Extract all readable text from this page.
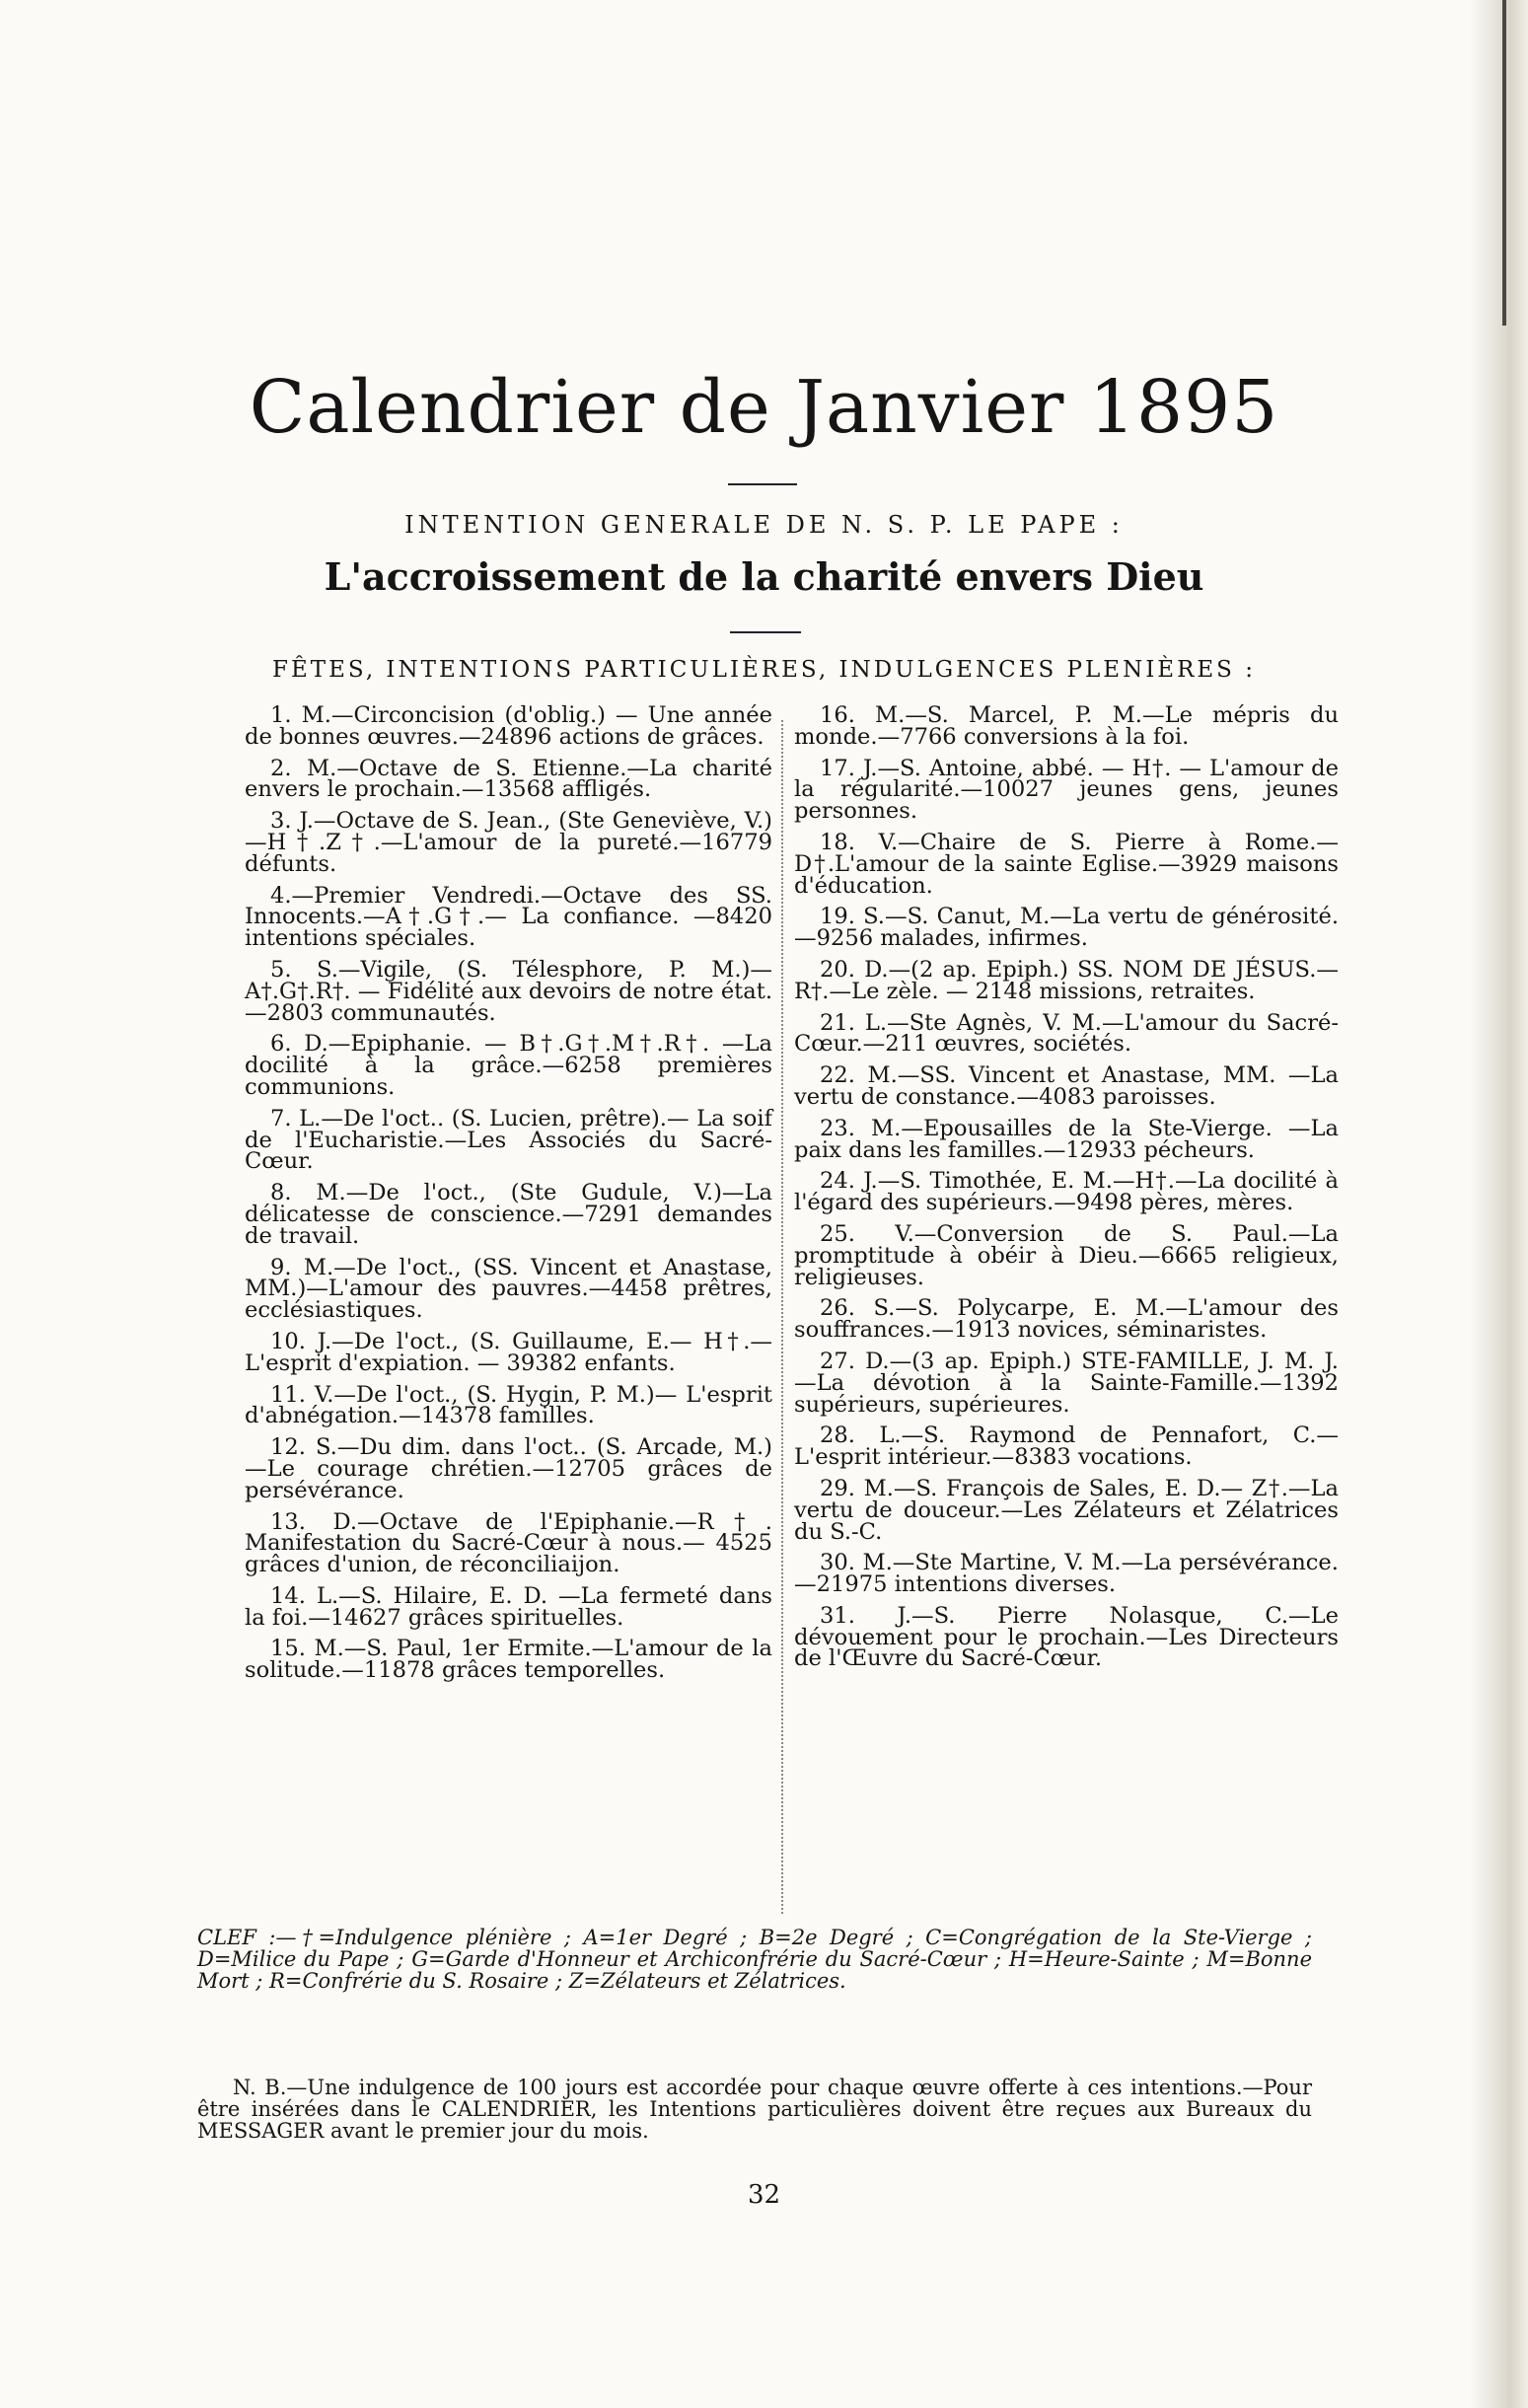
Calendrier de Janvier 1895
INTENTION GENERALE DE N. S. P. LE PAPE :
L'accroissement de la charité envers Dieu
FÊTES, INTENTIONS PARTICULIÈRES, INDULGENCES PLENIÈRES :

1. M.—Circoncision (d'oblig.) — Une année de bonnes œuvres.—24896 actions de grâces.

2. M.—Octave de S. Etienne.—La charité envers le prochain.—13568 affligés.

3. J.—Octave de S. Jean., (Ste Geneviève, V.)—H†.Z†.—L'amour de la pureté.—16779 défunts.

4.—Premier Vendredi.—Octave des SS. Innocents.—A†.G†.— La confiance. —8420 intentions spéciales.

5. S.—Vigile, (S. Télesphore, P. M.)— A†.G†.R†. — Fidélité aux devoirs de notre état.—2803 communautés.

6. D.—Epiphanie. — B†.G†.M†.R†. —La docilité à la grâce.—6258 premières communions.

7. L.—De l'oct.. (S. Lucien, prêtre).— La soif de l'Eucharistie.—Les Associés du Sacré-Cœur.

8. M.—De l'oct., (Ste Gudule, V.)—La délicatesse de conscience.—7291 demandes de travail.

9. M.—De l'oct., (SS. Vincent et Anastase, MM.)—L'amour des pauvres.—4458 prêtres, ecclésiastiques.

10. J.—De l'oct., (S. Guillaume, E.— H†.—L'esprit d'expiation. — 39382 enfants.

11. V.—De l'oct., (S. Hygin, P. M.)— L'esprit d'abnégation.—14378 familles.

12. S.—Du dim. dans l'oct.. (S. Arcade, M.)—Le courage chrétien.—12705 grâces de persévérance.

13. D.—Octave de l'Epiphanie.—R†. Manifestation du Sacré-Cœur à nous.— 4525 grâces d'union, de réconciliaijon.

14. L.—S. Hilaire, E. D. —La fermeté dans la foi.—14627 grâces spirituelles.

15. M.—S. Paul, 1er Ermite.—L'amour de la solitude.—11878 grâces temporelles.

16. M.—S. Marcel, P. M.—Le mépris du monde.—7766 conversions à la foi.

17. J.—S. Antoine, abbé. — H†. — L'amour de la régularité.—10027 jeunes gens, jeunes personnes.

18. V.—Chaire de S. Pierre à Rome.— D†.L'amour de la sainte Eglise.—3929 maisons d'éducation.

19. S.—S. Canut, M.—La vertu de générosité.—9256 malades, infirmes.

20. D.—(2 ap. Epiph.) SS. NOM DE JÉSUS.—R†.—Le zèle. — 2148 missions, retraites.

21. L.—Ste Agnès, V. M.—L'amour du Sacré-Cœur.—211 œuvres, sociétés.

22. M.—SS. Vincent et Anastase, MM. —La vertu de constance.—4083 paroisses.

23. M.—Epousailles de la Ste-Vierge. —La paix dans les familles.—12933 pécheurs.

24. J.—S. Timothée, E. M.—H†.—La docilité à l'égard des supérieurs.—9498 pères, mères.

25. V.—Conversion de S. Paul.—La promptitude à obéir à Dieu.—6665 religieux, religieuses.

26. S.—S. Polycarpe, E. M.—L'amour des souffrances.—1913 novices, séminaristes.

27. D.—(3 ap. Epiph.) STE-FAMILLE, J. M. J.—La dévotion à la Sainte-Famille.—1392 supérieurs, supérieures.

28. L.—S. Raymond de Pennafort, C.— L'esprit intérieur.—8383 vocations.

29. M.—S. François de Sales, E. D.— Z†.—La vertu de douceur.—Les Zélateurs et Zélatrices du S.-C.

30. M.—Ste Martine, V. M.—La persévérance.—21975 intentions diverses.

31. J.—S. Pierre Nolasque, C.—Le dévouement pour le prochain.—Les Directeurs de l'Œuvre du Sacré-Cœur.

CLEF :—†=Indulgence plénière ; A=1er Degré ; B=2e Degré ; C=Congrégation de la Ste-Vierge ; D=Milice du Pape ; G=Garde d'Honneur et Archiconfrérie du Sacré-Cœur ; H=Heure-Sainte ; M=Bonne Mort ; R=Confrérie du S. Rosaire ; Z=Zélateurs et Zélatrices.
N. B.—Une indulgence de 100 jours est accordée pour chaque œuvre offerte à ces intentions.—Pour être insérées dans le CALENDRIER, les Intentions particulières doivent être reçues aux Bureaux du MESSAGER avant le premier jour du mois.
32
